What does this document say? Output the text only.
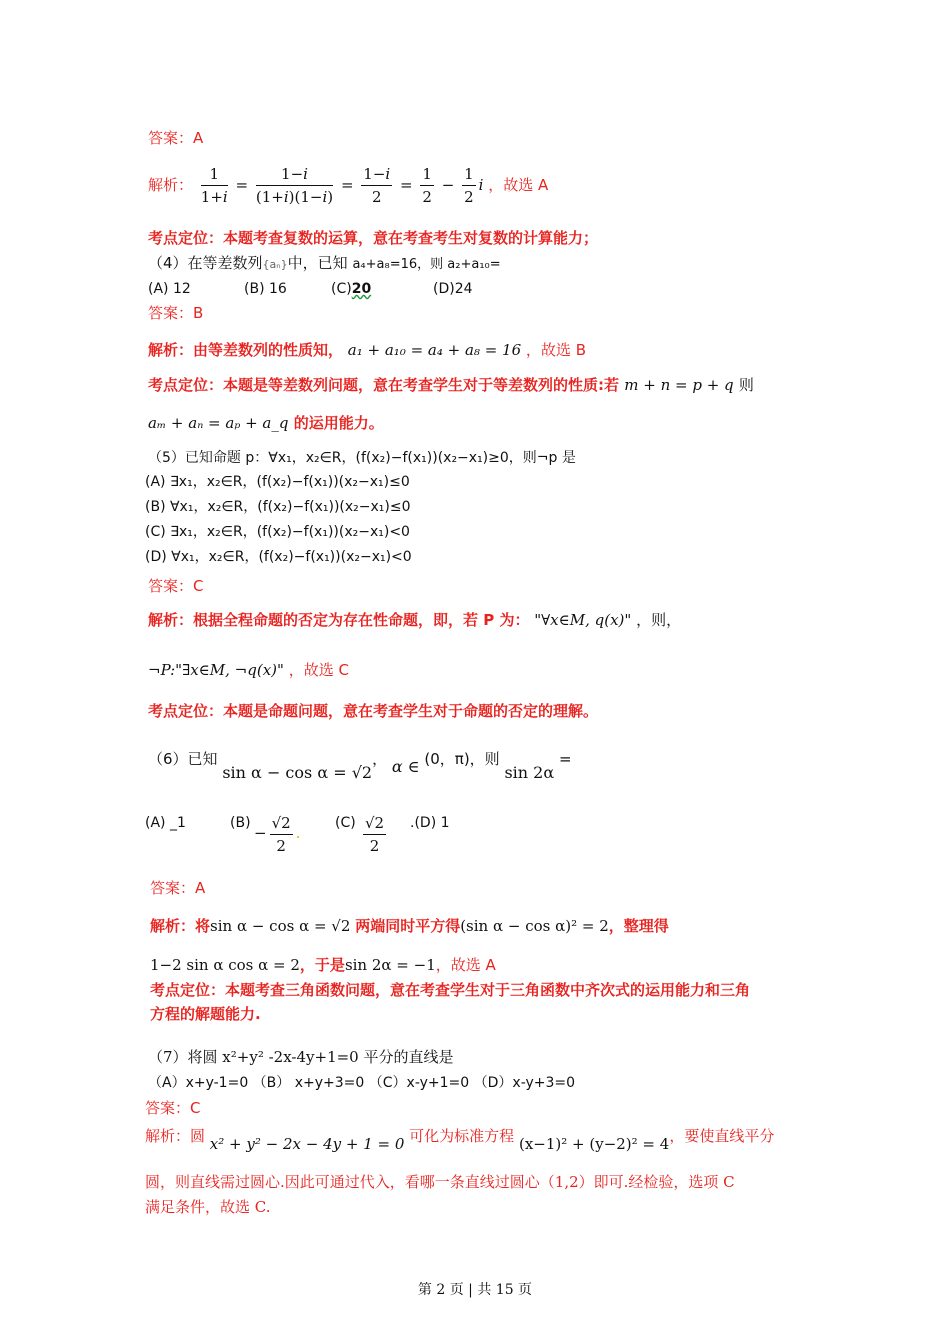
答案：A
解析： $\frac{1}{1+i} = \frac{1-i}{(1+i)(1-i)} = \frac{1-i}{2} = \frac{1}{2} - \frac{1}{2}$ i ，故选 A
考点定位：本题考查复数的运算，意在考查考生对复数的计算能力；
（4）在等差数列{aₙ}中，已知 a₄+a₈=16，则 a₂+a₁₀=
(A) 12	(B) 16	(C)20	(D)24
答案：B
解析：由等差数列的性质知， a₁ + a₁₀ = a₄ + a₈ = 16 ，故选 B
考点定位：本题是等差数列问题，意在考查学生对于等差数列的性质:若 m + n = p + q 则
aₘ + aₙ = aₚ + a_q 的运用能力。
（5）已知命题 p：∀x₁，x₂∈R，(f(x₂)−f(x₁))(x₂−x₁)≥0，则¬p 是
(A) ∃x₁，x₂∈R，(f(x₂)−f(x₁))(x₂−x₁)≤0
(B) ∀x₁，x₂∈R，(f(x₂)−f(x₁))(x₂−x₁)≤0
(C) ∃x₁，x₂∈R，(f(x₂)−f(x₁))(x₂−x₁)<0
(D) ∀x₁，x₂∈R，(f(x₂)−f(x₁))(x₂−x₁)<0
答案：C
解析：根据全程命题的否定为存在性命题，即，若 P 为： "∀x∈M, q(x)" ，则，
¬P:"∃x∈M, ¬q(x)" ，故选 C
考点定位：本题是命题问题，意在考查学生对于命题的否定的理解。
（6）已知 sin α − cos α = √2， α ∈ (0，π)，则 sin 2α =
(A) _1	(B)
− $\frac{√2}{2}$ .
$(C) \frac{√2}{2} .(D)$ 1
答案：A
解析：将sin α − cos α = √2 两端同时平方得(sin α − cos α)² = 2，整理得
1−2 sin α cos α = 2，于是sin 2α = −1，故选 A
考点定位：本题考查三角函数问题，意在考查学生对于三角函数中齐次式的运用能力和三角
方程的解题能力.
（7）将圆 x²+y² -2x-4y+1=0 平分的直线是
（A）x+y-1=0 （B） x+y+3=0 （C）x-y+1=0 （D）x-y+3=0
答案：C
解析：圆 x² + y² − 2x − 4y + 1 = 0 可化为标准方程 (x−1)² + (y−2)² = 4，要使直线平分
圆，则直线需过圆心.因此可通过代入，看哪一条直线过圆心（1,2）即可.经检验，选项 C
满足条件，故选 C.
第 2 页 | 共 15 页
